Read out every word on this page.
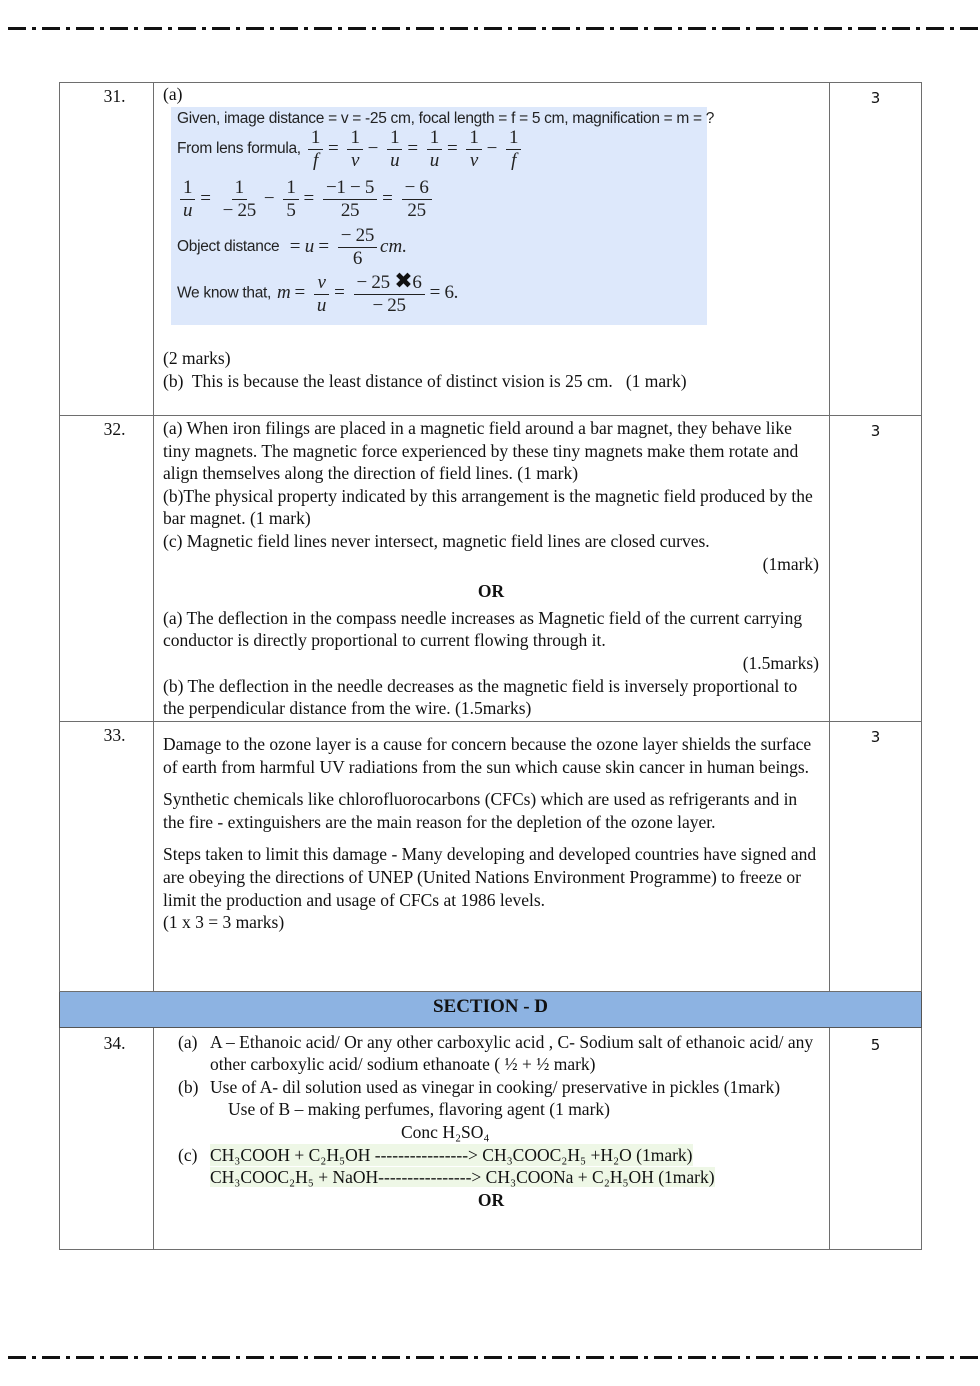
31.	(a)
Given, image distance = v = -25 cm, focal length = f = 5 cm, magnification = m = ?
From lens formula, $\frac{1}{f} = \frac{1}{v} - \frac{1}{u} = \frac{1}{u} = \frac{1}{v} - \frac{1}{f}$
$\frac{1}{u} = \frac{1}{- 25} - \frac{1}{5} = \frac{-1 - 5}{25} = \frac{- 6}{25}$
Object distance  = $u = \frac{- 25}{6}$ cm.
We know that, $m = \frac{v}{u} = \frac{- 25 ✖6}{- 25} = 6$.
(2 marks)
(b)  This is because the least distance of distinct vision is 25 cm.   (1 mark)
	3
32.	(a) When iron filings are placed in a magnetic field around a bar magnet, they behave like tiny magnets. The magnetic force experienced by these tiny magnets make them rotate and align themselves along the direction of field lines. (1 mark)

(b)The physical property indicated by this arrangement is the magnetic field produced by the bar magnet. (1 mark)

(c) Magnetic field lines never intersect, magnetic field lines are closed curves.

(1mark)

OR

(a) The deflection in the compass needle increases as Magnetic field of the current carrying conductor is directly proportional to current flowing through it.

(1.5marks)

(b) The deflection in the needle decreases as the magnetic field is inversely proportional to the perpendicular distance from the wire. (1.5marks)

	3
33.	Damage to the ozone layer is a cause for concern because the ozone layer shields the surface of earth from harmful UV radiations from the sun which cause skin cancer in human beings.

Synthetic chemicals like chlorofluorocarbons (CFCs) which are used as refrigerants and in the fire - extinguishers are the main reason for the depletion of the ozone layer.

Steps taken to limit this damage - Many developing and developed countries have signed and are obeying the directions of UNEP (United Nations Environment Programme) to freeze or limit the production and usage of CFCs at 1986 levels.

(1 x 3 = 3 marks)	3
SECTION - D		
34.	(a) A – Ethanoic acid/ Or any other carboxylic acid , C- Sodium salt of ethanoic acid/ any other carboxylic acid/ sodium ethanoate ( ½ + ½ mark)
(b) Use of A- dil solution used as vinegar in cooking/ preservative in pickles (1mark)
Use of B – making perfumes, flavoring agent (1 mark)
Conc H₂SO₄
(c) CH₃COOH + C₂H₅OH ----------------> CH₃COOC₂H₅ +H₂O (1mark)
CH₃COOC₂H₅ + NaOH----------------> CH₃COONa + C₂H₅OH (1mark)

OR

	5
